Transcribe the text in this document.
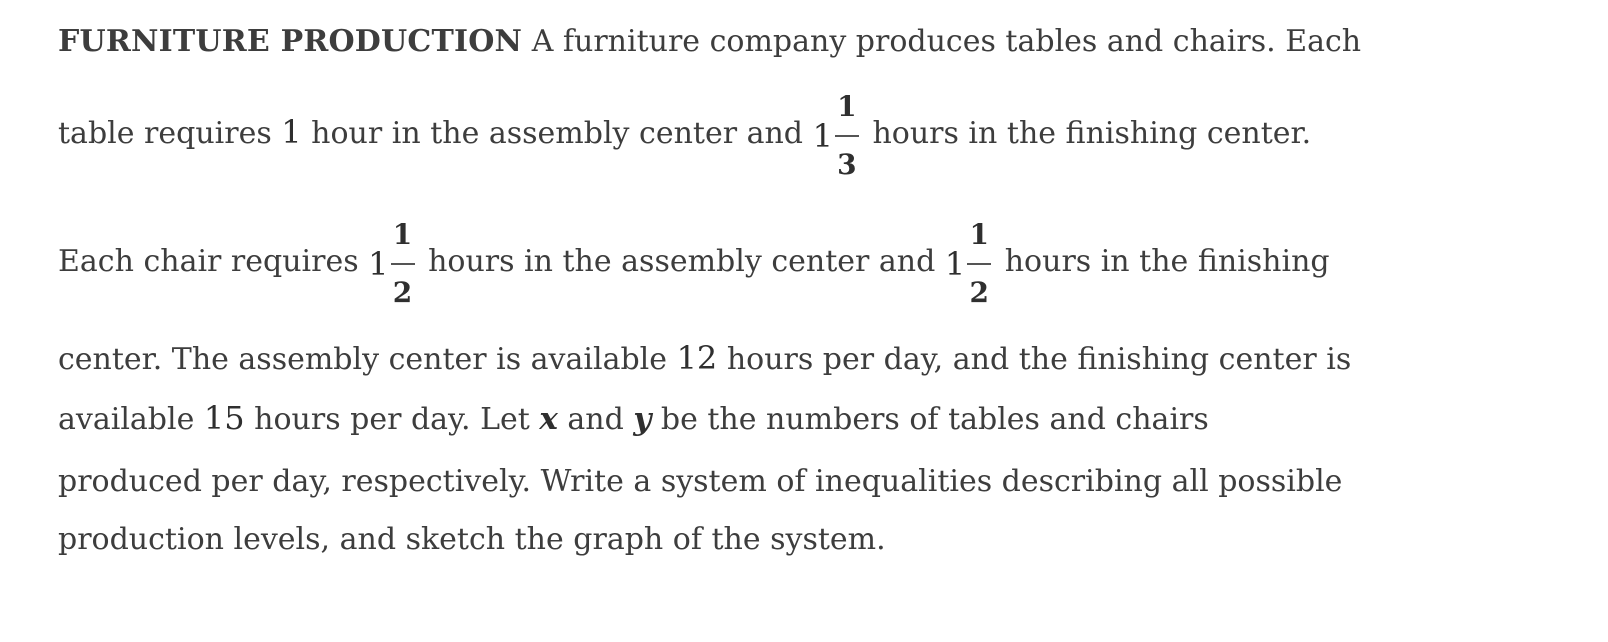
FURNITURE PRODUCTION A furniture company produces tables and chairs. Each
table requires 1 hour in the assembly center and $1 \frac{1}{3}$ hours in the finishing center.
Each chair requires $1 \frac{1}{2}$ hours in the assembly center and $1 \frac{1}{2}$ hours in the finishing
center. The assembly center is available 12 hours per day, and the finishing center is
available 15 hours per day. Let x and y be the numbers of tables and chairs
produced per day, respectively. Write a system of inequalities describing all possible
production levels, and sketch the graph of the system.
